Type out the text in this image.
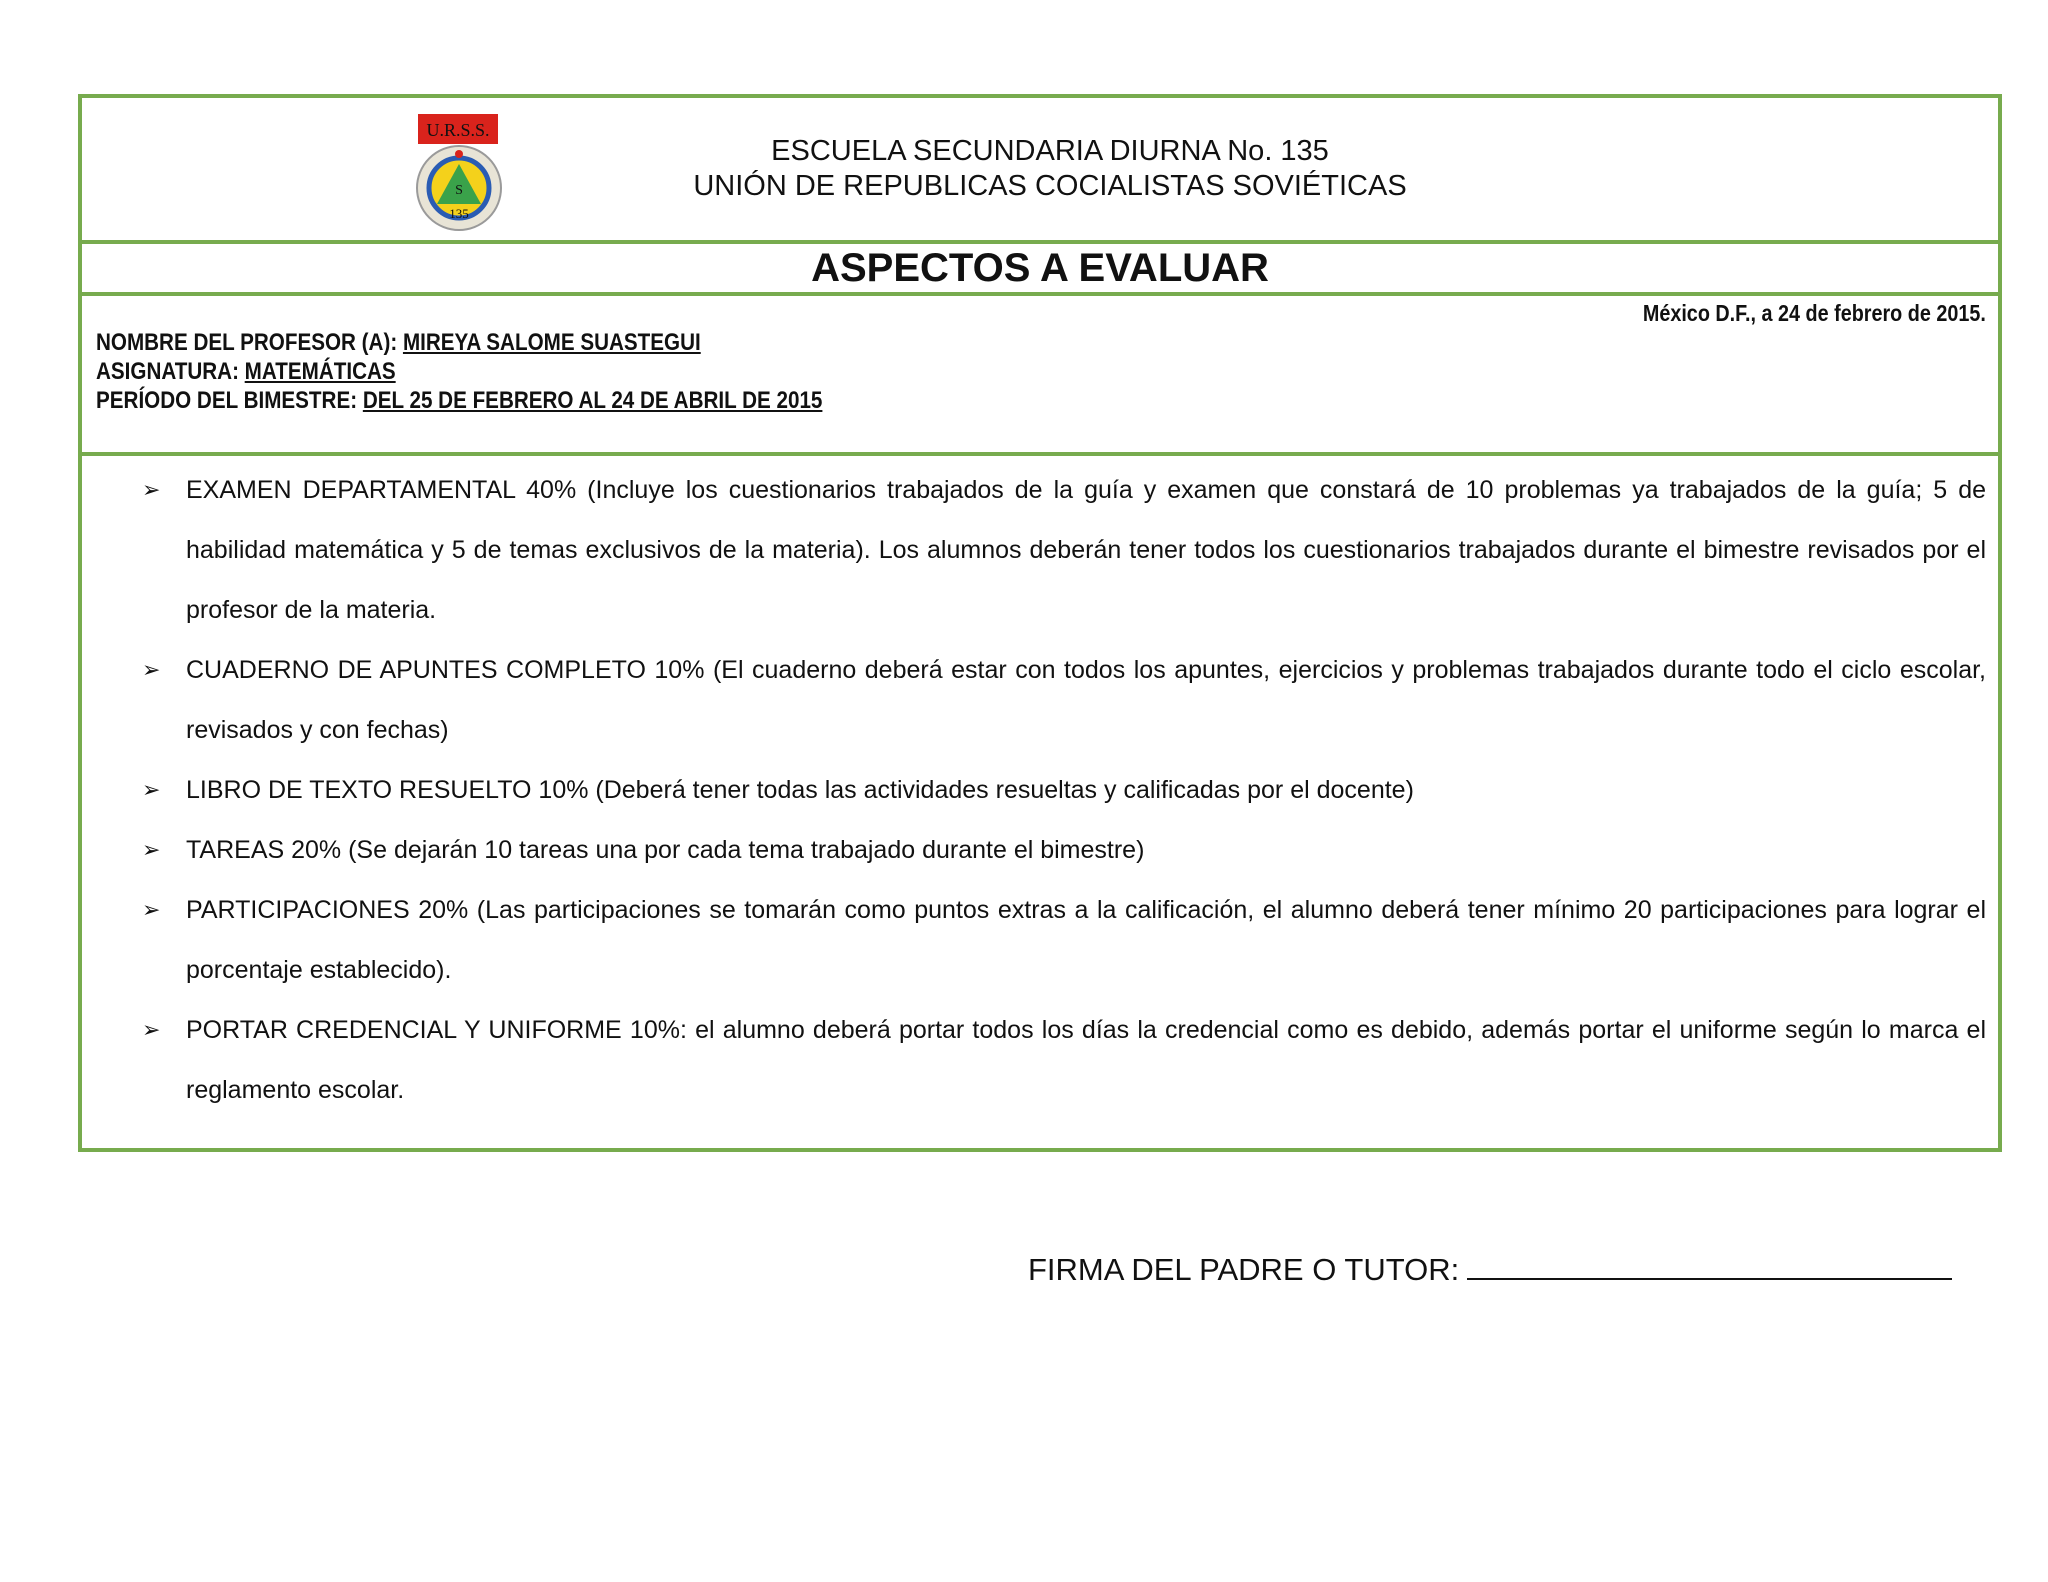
U.R.S.S.
S
135
ESCUELA SECUNDARIA DIURNA No. 135
UNIÓN DE REPUBLICAS COCIALISTAS SOVIÉTICAS
ASPECTOS A EVALUAR
México D.F., a 24 de febrero de 2015.
NOMBRE DEL PROFESOR (A): MIREYA SALOME SUASTEGUI
ASIGNATURA: MATEMÁTICAS
PERÍODO DEL BIMESTRE: DEL 25 DE FEBRERO AL 24 DE ABRIL DE 2015
➢ EXAMEN DEPARTAMENTAL 40% (Incluye los cuestionarios trabajados de la guía y examen que constará de 10 problemas ya trabajados de la guía; 5 de habilidad matemática y 5 de temas exclusivos de la materia). Los alumnos deberán tener todos los cuestionarios trabajados durante el bimestre revisados por el profesor de la materia.
➢ CUADERNO DE APUNTES COMPLETO 10% (El cuaderno deberá estar con todos los apuntes, ejercicios y problemas trabajados durante todo el ciclo escolar, revisados y con fechas)
➢ LIBRO DE TEXTO RESUELTO 10% (Deberá tener todas las actividades resueltas y calificadas por el docente)
➢ TAREAS 20% (Se dejarán 10 tareas una por cada tema trabajado durante el bimestre)
➢ PARTICIPACIONES 20% (Las participaciones se tomarán como puntos extras a la calificación, el alumno deberá tener mínimo 20 participaciones para lograr el porcentaje establecido).
➢ PORTAR CREDENCIAL Y UNIFORME 10%: el alumno deberá portar todos los días la credencial como es debido, además portar el uniforme según lo marca el reglamento escolar.
FIRMA DEL PADRE O TUTOR:
